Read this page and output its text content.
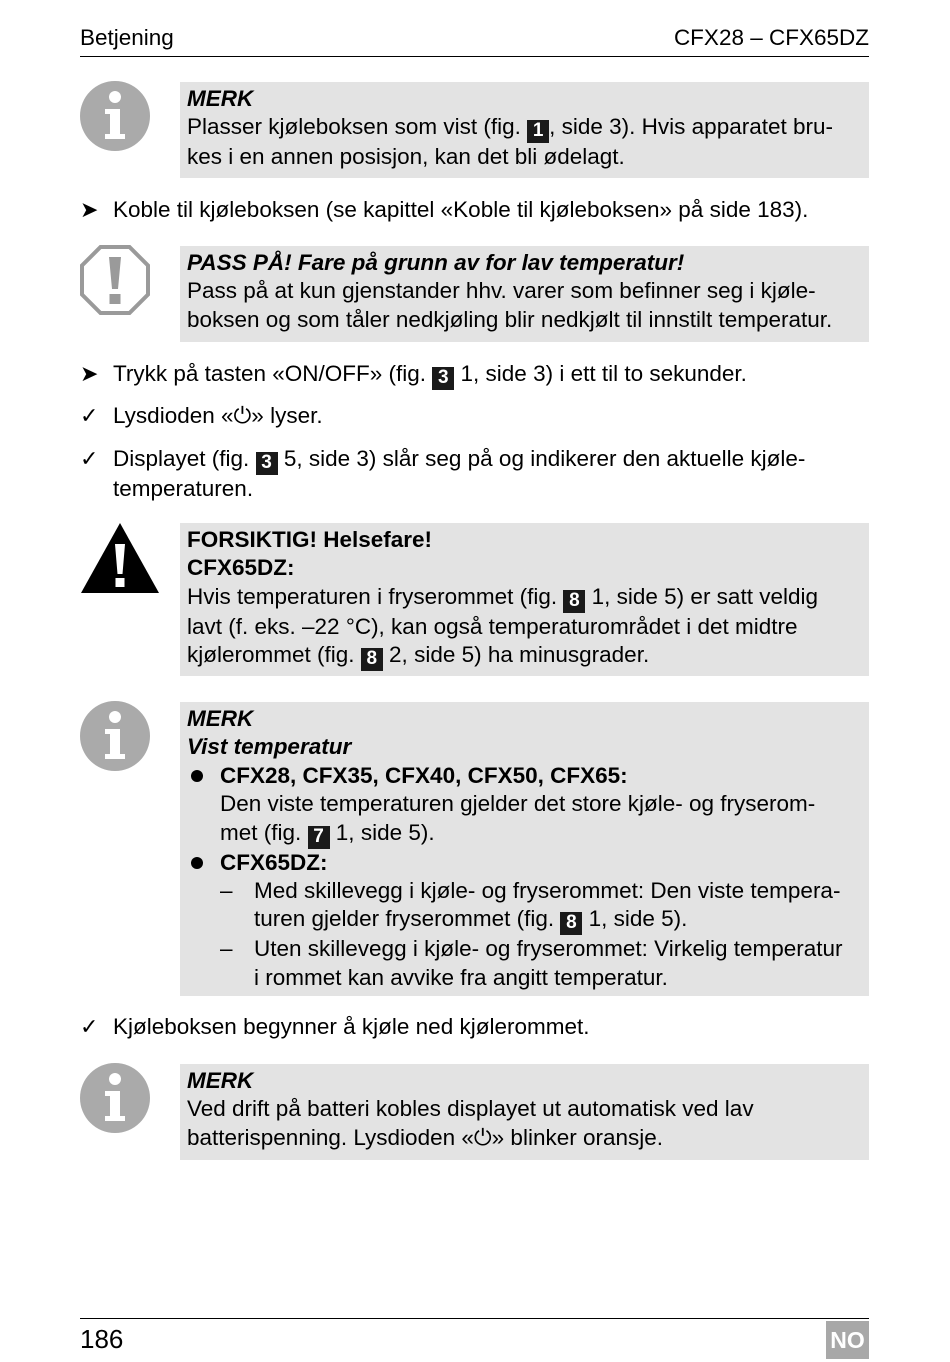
Betjening	CFX28 – CFX65DZ

MERK

Plasser kjøleboksen som vist (fig. 1 , side 3). Hvis apparatet bru-

kes i en annen posisjon, kan det bli ødelagt.

➤ Koble til kjøleboksen (se kapittel «Koble til kjøleboksen» på side 183).

PASS PÅ! Fare på grunn av for lav temperatur!

Pass på at kun gjenstander hhv. varer som befinner seg i kjøle-

boksen og som tåler nedkjøling blir nedkjølt til innstilt temperatur.

➤ Trykk på tasten «ON/OFF» (fig. 3 1, side 3) i ett til to sekunder.
✓ Lysdioden «⏻» lyser.
✓ Displayet (fig. 3 5, side 3) slår seg på og indikerer den aktuelle kjøle-
temperaturen.

FORSIKTIG! Helsefare!

CFX65DZ:

Hvis temperaturen i fryserommet (fig. 8 1, side 5) er satt veldig

lavt (f. eks. –22 °C), kan også temperaturområdet i det midtre

kjølerommet (fig. 8 2, side 5) ha minusgrader.

MERK

Vist temperatur

CFX28, CFX35, CFX40, CFX50, CFX65:
Den viste temperaturen gjelder det store kjøle- og fryserom-
met (fig. 7 1, side 5).
CFX65DZ:
– Med skillevegg i kjøle- og fryserommet: Den viste tempera-
turen gjelder fryserommet (fig. 8 1, side 5).
– Uten skillevegg i kjøle- og fryserommet: Virkelig temperatur
i rommet kan avvike fra angitt temperatur.
✓ Kjøleboksen begynner å kjøle ned kjølerommet.

MERK

Ved drift på batteri kobles displayet ut automatisk ved lav

batterispenning. Lysdioden «⏻» blinker oransje.

186	NO
